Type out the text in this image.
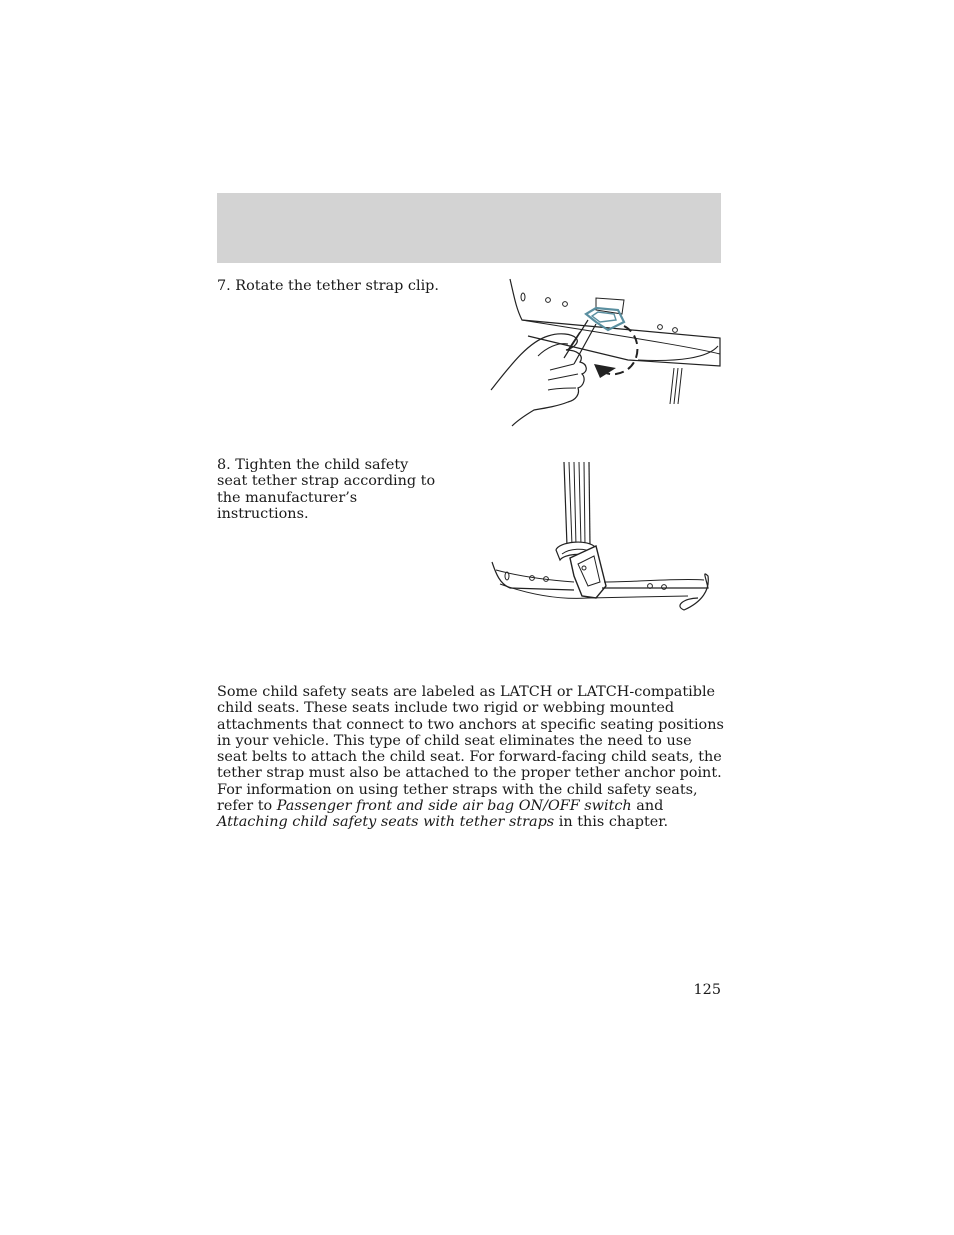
7. Rotate the tether strap clip.
8. Tighten the child safety seat tether strap according to the manufacturer’s instructions.
Some child safety seats are labeled as LATCH or LATCH-compatible child seats. These seats include two rigid or webbing mounted attachments that connect to two anchors at specific seating positions in your vehicle. This type of child seat eliminates the need to use seat belts to attach the child seat. For forward-facing child seats, the tether strap must also be attached to the proper tether anchor point. For information on using tether straps with the child safety seats, refer to Passenger front and side air bag ON/OFF switch and Attaching child safety seats with tether straps in this chapter.
125
